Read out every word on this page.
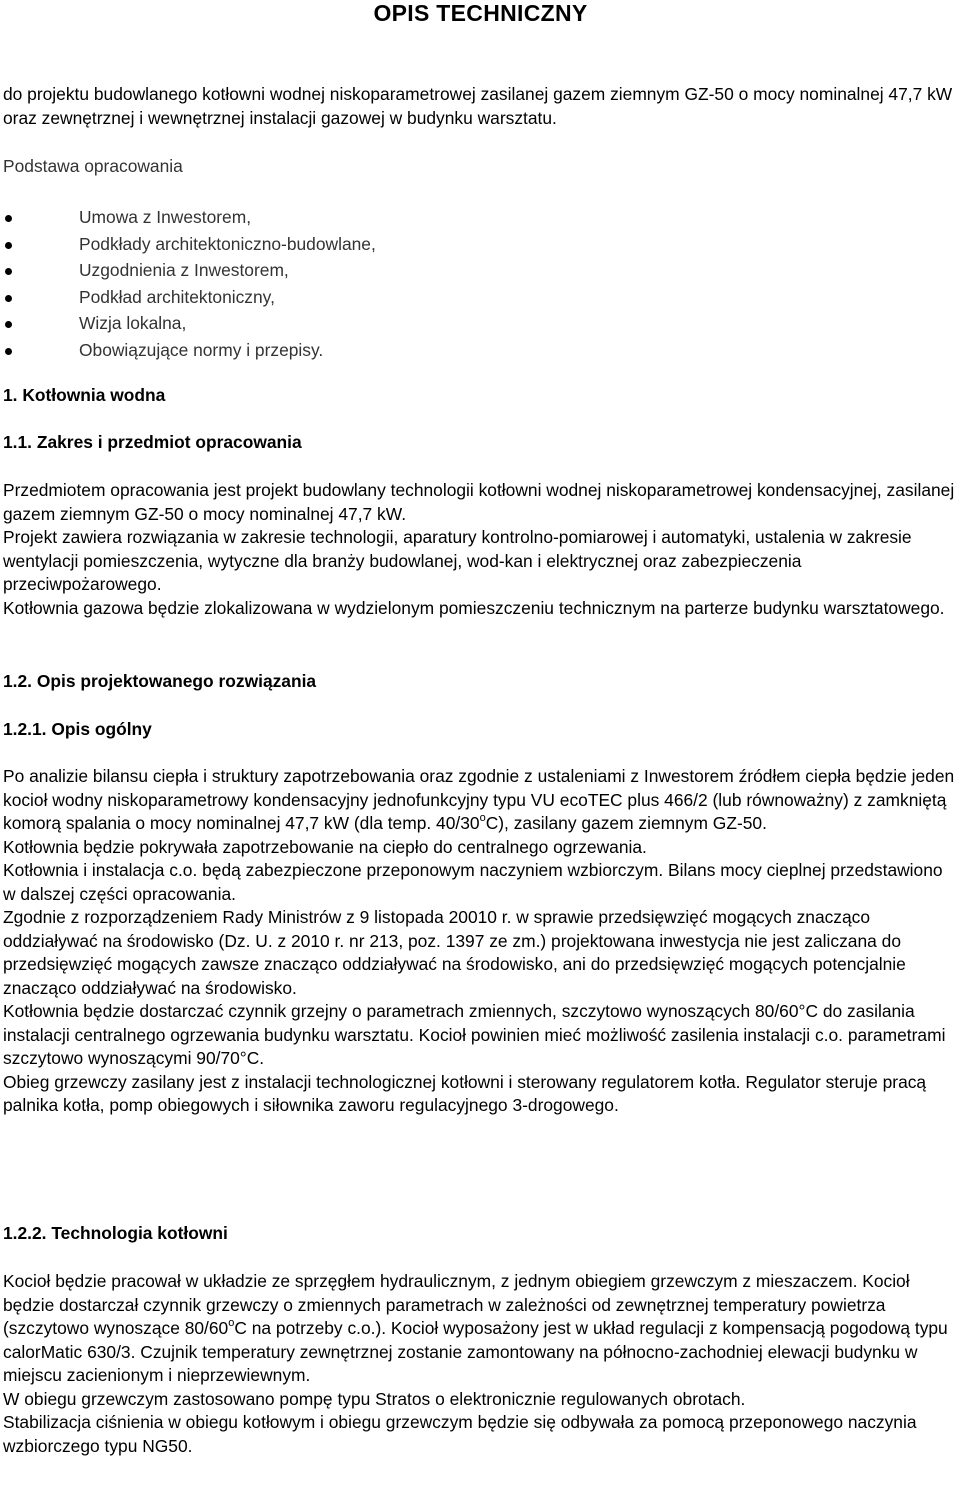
OPIS TECHNICZNY
do projektu budowlanego kotłowni wodnej niskoparametrowej zasilanej gazem ziemnym GZ-50 o mocy nominalnej 47,7 kW oraz zewnętrznej i wewnętrznej instalacji gazowej w budynku warsztatu.
Podstawa opracowania
Umowa z Inwestorem,
Podkłady architektoniczno-budowlane,
Uzgodnienia z Inwestorem,
Podkład architektoniczny,
Wizja lokalna,
Obowiązujące normy i przepisy.
1. Kotłownia wodna
1.1. Zakres i przedmiot opracowania

Przedmiotem opracowania jest projekt budowlany technologii kotłowni wodnej niskoparametrowej kondensacyjnej, zasilanej gazem ziemnym GZ-50 o mocy nominalnej 47,7 kW.

Projekt zawiera rozwiązania w zakresie technologii, aparatury kontrolno-pomiarowej i automatyki, ustalenia w zakresie wentylacji pomieszczenia, wytyczne dla branży budowlanej, wod-kan i elektrycznej oraz zabezpieczenia przeciwpożarowego.

Kotłownia gazowa będzie zlokalizowana w wydzielonym pomieszczeniu technicznym na parterze budynku warsztatowego.

1.2. Opis projektowanego rozwiązania
1.2.1. Opis ogólny

Po analizie bilansu ciepła i struktury zapotrzebowania oraz zgodnie z ustaleniami z Inwestorem źródłem ciepła będzie jeden kocioł wodny niskoparametrowy kondensacyjny jednofunkcyjny typu VU ecoTEC plus 466/2 (lub równoważny) z zamkniętą komorą spalania o mocy nominalnej 47,7 kW (dla temp. 40/30$^o$C), zasilany gazem ziemnym GZ-50.

Kotłownia będzie pokrywała zapotrzebowanie na ciepło do centralnego ogrzewania.

Kotłownia i instalacja c.o. będą zabezpieczone przeponowym naczyniem wzbiorczym. Bilans mocy cieplnej przedstawiono w dalszej części opracowania.

Zgodnie z rozporządzeniem Rady Ministrów z 9 listopada 20010 r. w sprawie przedsięwzięć mogących znacząco oddziaływać na środowisko (Dz. U. z 2010 r. nr 213, poz. 1397 ze zm.) projektowana inwestycja nie jest zaliczana do przedsięwzięć mogących zawsze znacząco oddziaływać na środowisko, ani do przedsięwzięć mogących potencjalnie znacząco oddziaływać na środowisko.

Kotłownia będzie dostarczać czynnik grzejny o parametrach zmiennych, szczytowo wynoszących 80/60°C do zasilania instalacji centralnego ogrzewania budynku warsztatu. Kocioł powinien mieć możliwość zasilenia instalacji c.o. parametrami szczytowo wynoszącymi 90/70°C.

Obieg grzewczy zasilany jest z instalacji technologicznej kotłowni i sterowany regulatorem kotła. Regulator steruje pracą palnika kotła, pomp obiegowych i siłownika zaworu regulacyjnego 3-drogowego.

1.2.2. Technologia kotłowni

Kocioł będzie pracował w układzie ze sprzęgłem hydraulicznym, z jednym obiegiem grzewczym z mieszaczem. Kocioł będzie dostarczał czynnik grzewczy o zmiennych parametrach w zależności od zewnętrznej temperatury powietrza (szczytowo wynoszące 80/60$^o$C na potrzeby c.o.). Kocioł wyposażony jest w układ regulacji z kompensacją pogodową typu calorMatic 630/3. Czujnik temperatury zewnętrznej zostanie zamontowany na północno-zachodniej elewacji budynku w miejscu zacienionym i nieprzewiewnym.

W obiegu grzewczym zastosowano pompę typu Stratos o elektronicznie regulowanych obrotach.

Stabilizacja ciśnienia w obiegu kotłowym i obiegu grzewczym będzie się odbywała za pomocą przeponowego naczynia wzbiorczego typu NG50.
